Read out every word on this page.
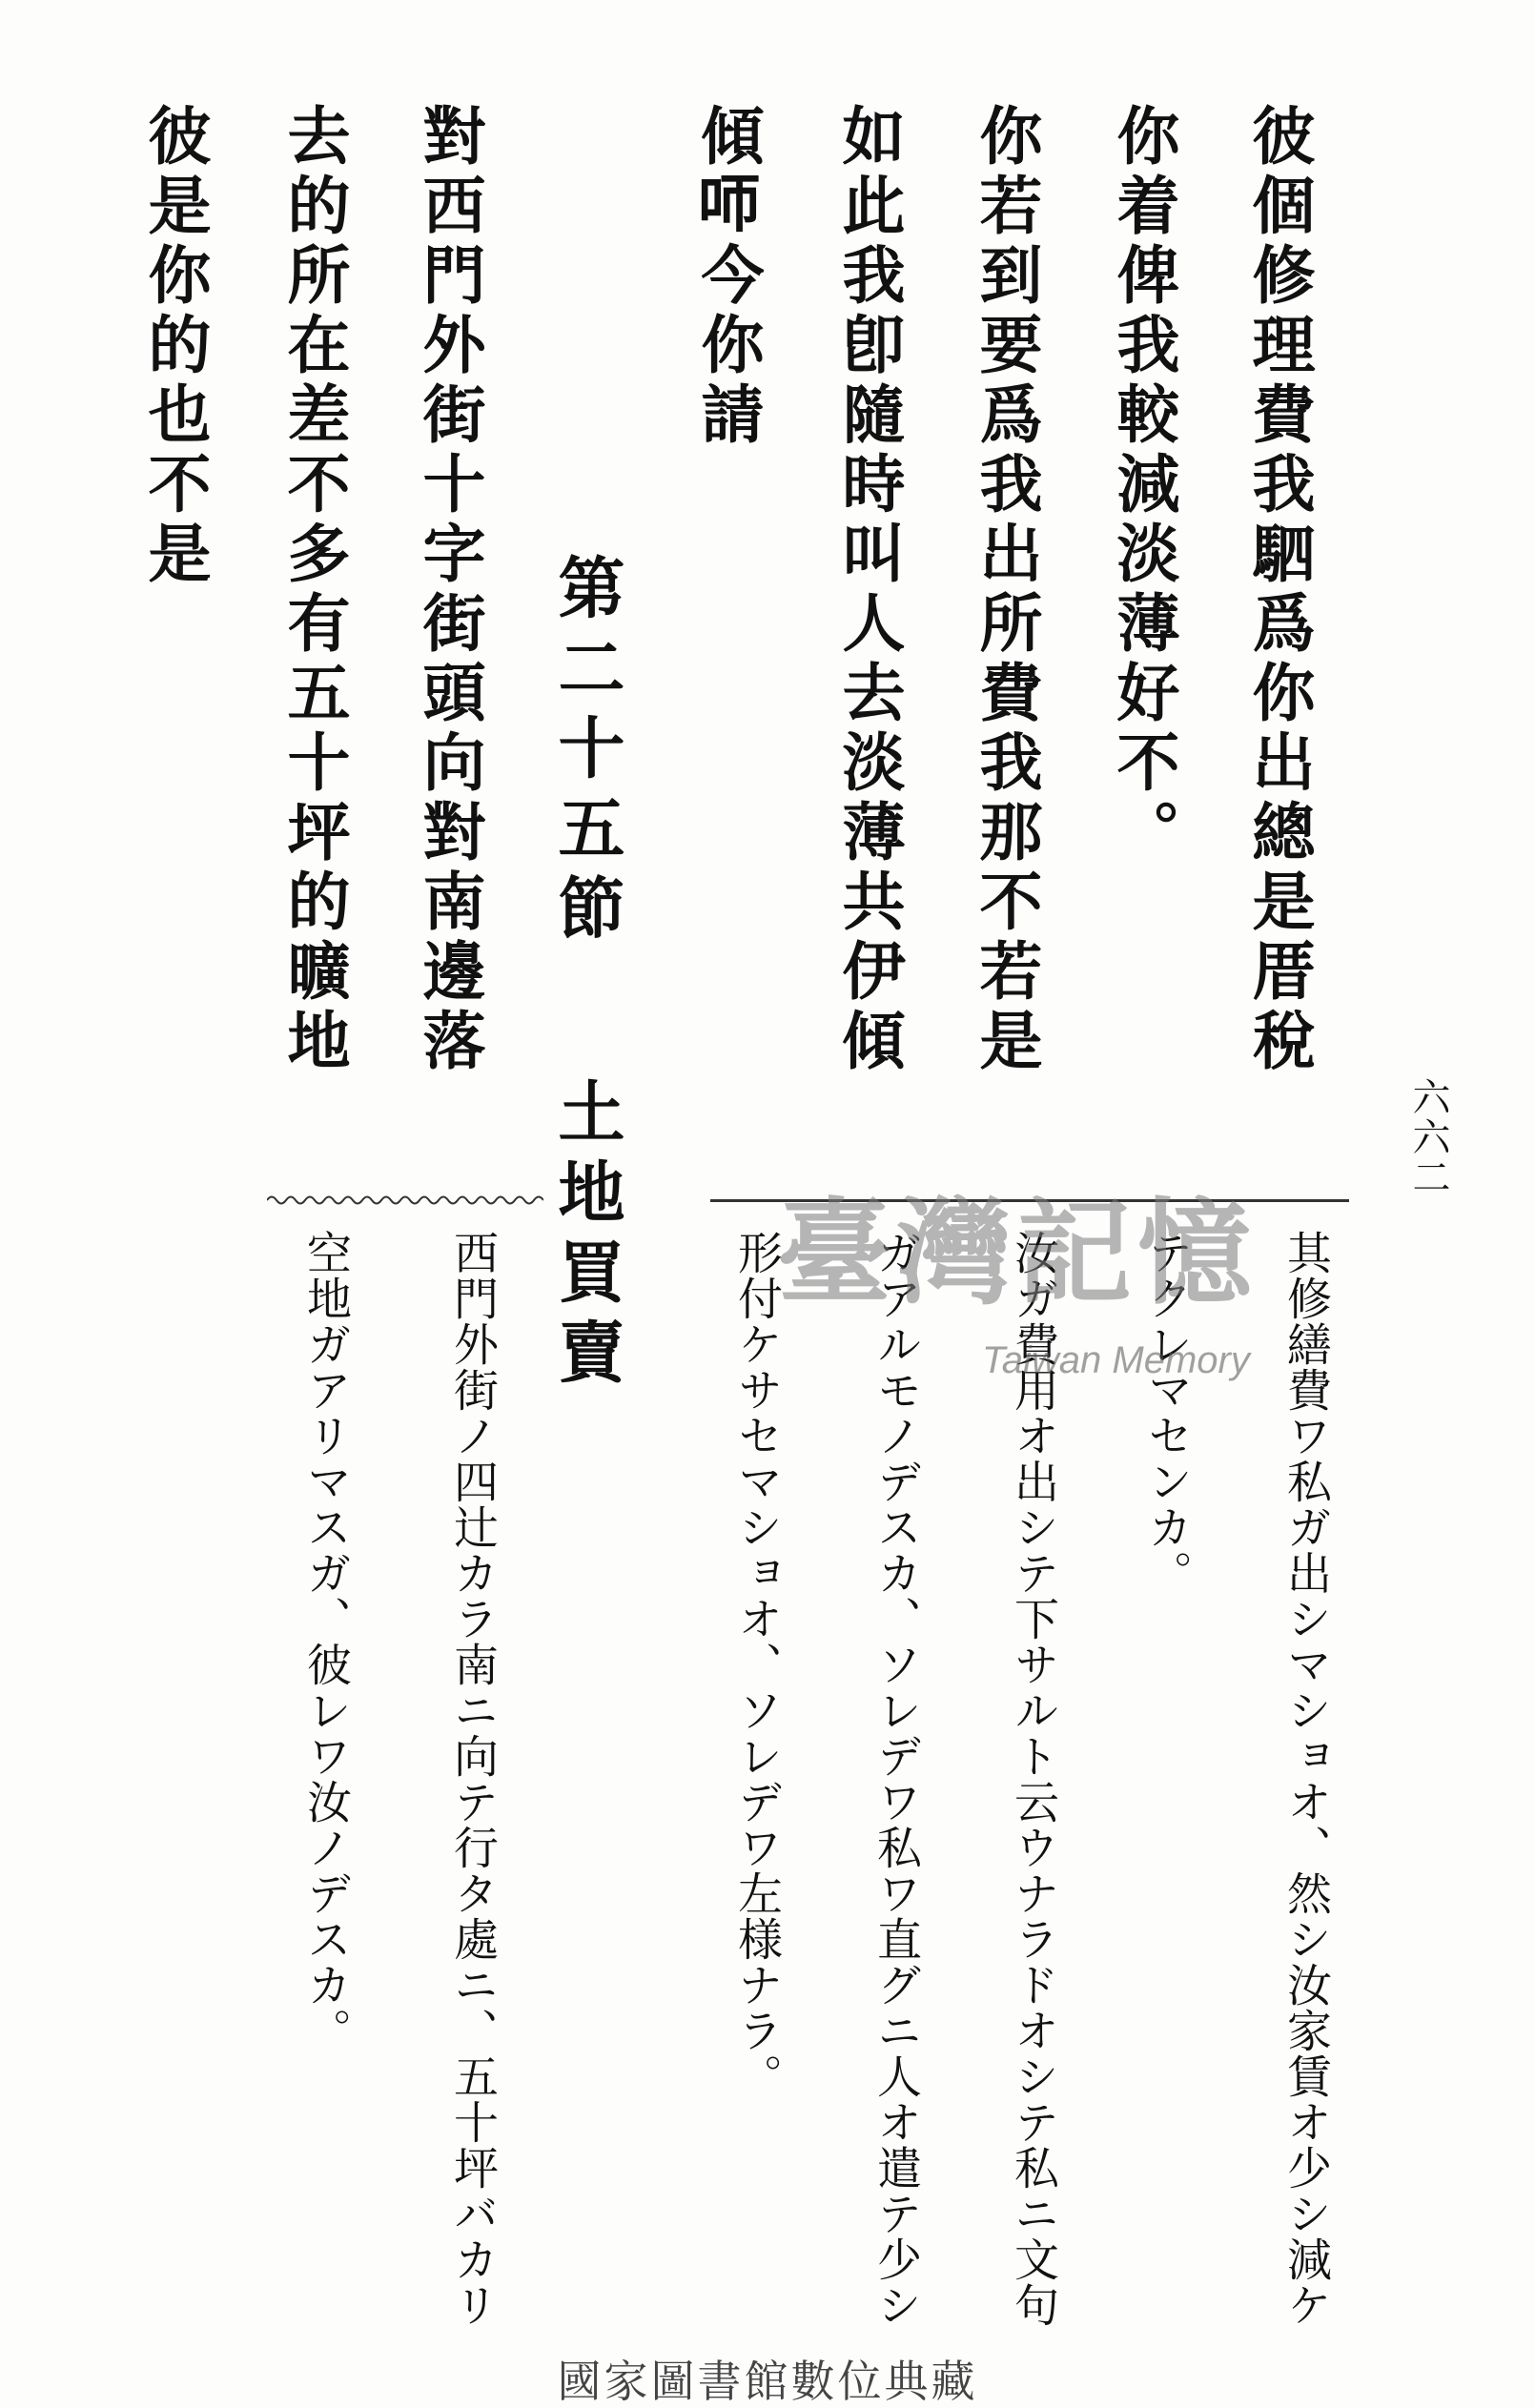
六六二
彼個修理費我駟爲你出總是厝稅
你着俾我較減淡薄好不。
你若到要爲我出所費我那不若是
如此我卽隨時叫人去淡薄共伊傾
傾𠯗今你請
第二十五節
土地買賣
對西門外街十字街頭向對南邊落
去的所在差不多有五十坪的曠地
彼是你的也不是
其修繕費ワ私ガ出シマショオ、然シ汝家賃オ少シ減ケ
テクレマセンカ。
汝ガ費用オ出シテ下サルト云ウナラドオシテ私ニ文句
ガアルモノデスカ、ソレデワ私ワ直グニ人オ遣テ少シ
形付ケサセマショオ、ソレデワ左様ナラ。
西門外街ノ四辻カラ南ニ向テ行タ處ニ、五十坪バカリ
空地ガアリマスガ、彼レワ汝ノデスカ。	臺灣記憶
Taiwan Memory
國家圖書館數位典藏
